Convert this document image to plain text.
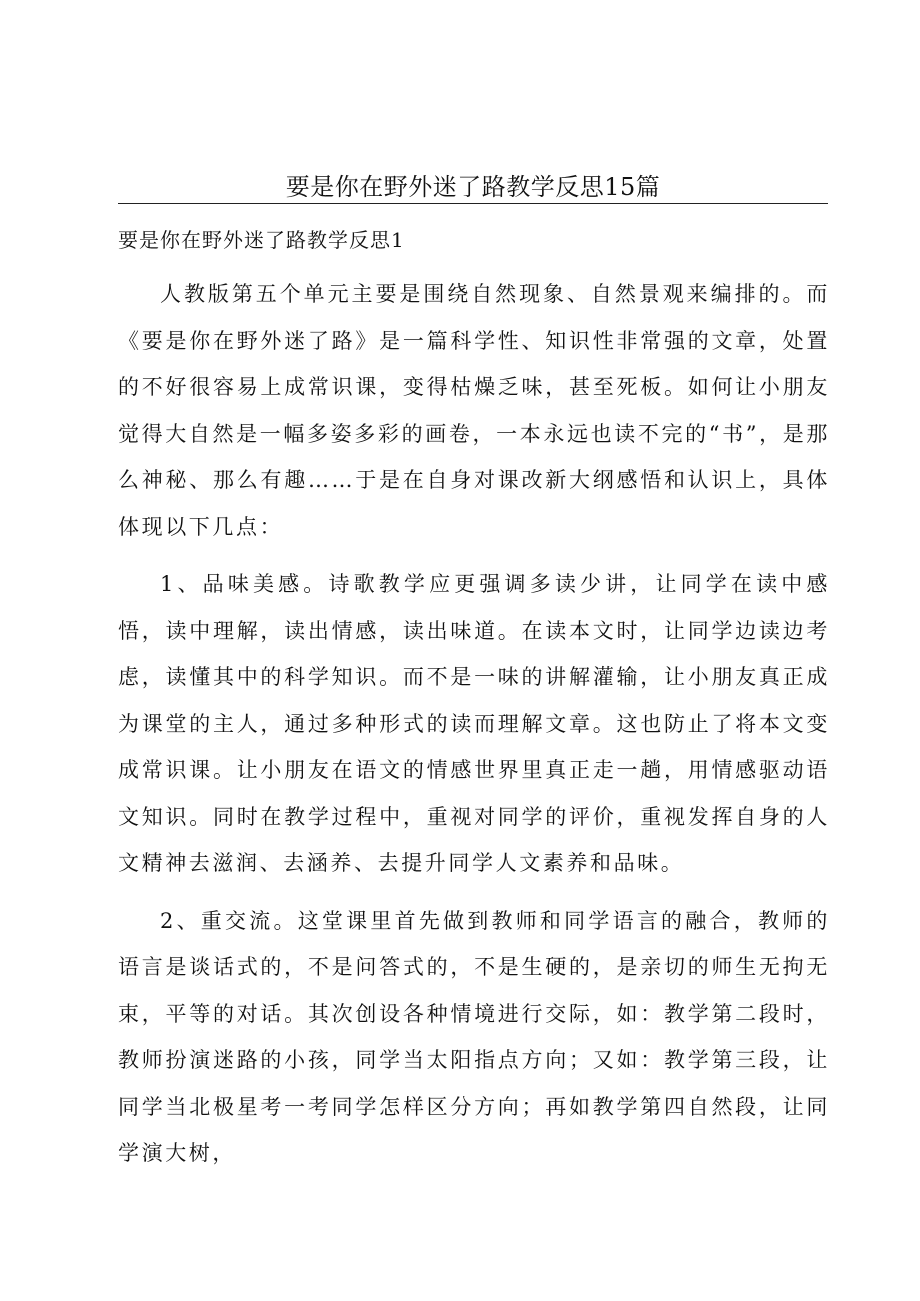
要是你在野外迷了路教学反思15篇
要是你在野外迷了路教学反思1

人教版第五个单元主要是围绕自然现象、自然景观来编排的。而《要是你在野外迷了路》是一篇科学性、知识性非常强的文章，处置的不好很容易上成常识课，变得枯燥乏味，甚至死板。如何让小朋友觉得大自然是一幅多姿多彩的画卷，一本永远也读不完的“书”，是那么神秘、那么有趣……于是在自身对课改新大纲感悟和认识上，具体体现以下几点：

1、品味美感。诗歌教学应更强调多读少讲，让同学在读中感悟，读中理解，读出情感，读出味道。在读本文时，让同学边读边考虑，读懂其中的科学知识。而不是一味的讲解灌输，让小朋友真正成为课堂的主人，通过多种形式的读而理解文章。这也防止了将本文变成常识课。让小朋友在语文的情感世界里真正走一趟，用情感驱动语文知识。同时在教学过程中，重视对同学的评价，重视发挥自身的人文精神去滋润、去涵养、去提升同学人文素养和品味。

2、重交流。这堂课里首先做到教师和同学语言的融合，教师的语言是谈话式的，不是问答式的，不是生硬的，是亲切的师生无拘无束，平等的对话。其次创设各种情境进行交际，如：教学第二段时，教师扮演迷路的小孩，同学当太阳指点方向；又如：教学第三段，让同学当北极星考一考同学怎样区分方向；再如教学第四自然段，让同学演大树，
